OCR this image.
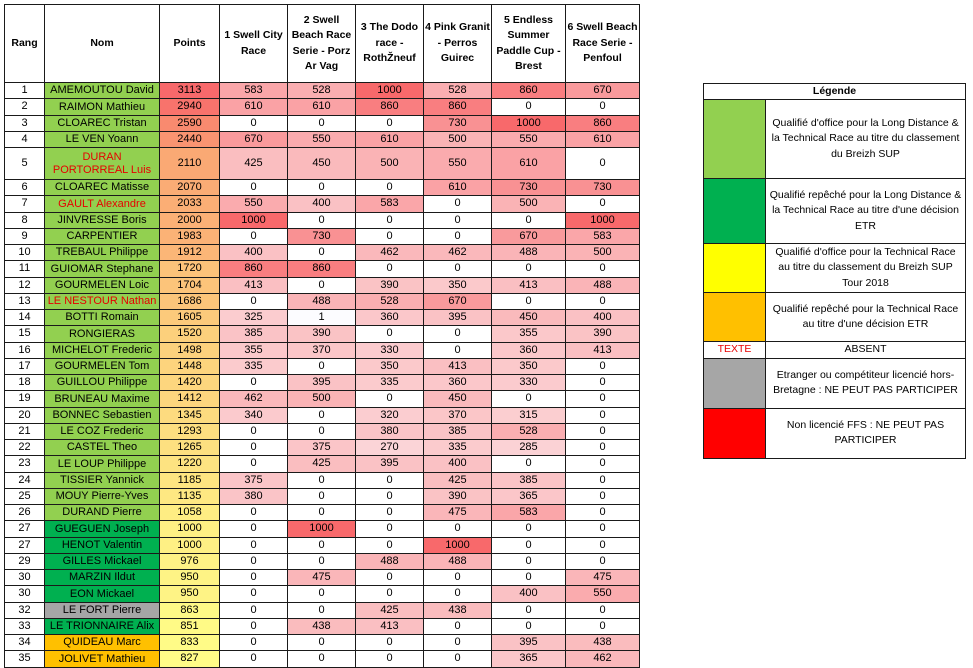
Rang	Nom	Points	1 Swell City Race	2 Swell Beach Race Serie - Porz Ar Vag	3 The Dodo race - RothŽneuf	4 Pink Granit - Perros Guirec	5 Endless Summer Paddle Cup - Brest	6 Swell Beach Race Serie - Penfoul
1	AMEMOUTOU David	3113	583	528	1000	528	860	670
2	RAIMON Mathieu	2940	610	610	860	860	0	0
3	CLOAREC Tristan	2590	0	0	0	730	1000	860
4	LE VEN Yoann	2440	670	550	610	500	550	610
5	DURAN PORTORREAL Luis	2110	425	450	500	550	610	0
6	CLOAREC Matisse	2070	0	0	0	610	730	730
7	GAULT Alexandre	2033	550	400	583	0	500	0
8	JINVRESSE Boris	2000	1000	0	0	0	0	1000
9	CARPENTIER	1983	0	730	0	0	670	583
10	TREBAUL Philippe	1912	400	0	462	462	488	500
11	GUIOMAR Stephane	1720	860	860	0	0	0	0
12	GOURMELEN Loic	1704	413	0	390	350	413	488
13	LE NESTOUR Nathan	1686	0	488	528	670	0	0
14	BOTTI Romain	1605	325	1	360	395	450	400
15	RONGIERAS	1520	385	390	0	0	355	390
16	MICHELOT Frederic	1498	355	370	330	0	360	413
17	GOURMELEN Tom	1448	335	0	350	413	350	0
18	GUILLOU Philippe	1420	0	395	335	360	330	0
19	BRUNEAU Maxime	1412	462	500	0	450	0	0
20	BONNEC Sebastien	1345	340	0	320	370	315	0
21	LE COZ Frederic	1293	0	0	380	385	528	0
22	CASTEL Theo	1265	0	375	270	335	285	0
23	LE LOUP Philippe	1220	0	425	395	400	0	0
24	TISSIER Yannick	1185	375	0	0	425	385	0
25	MOUY Pierre-Yves	1135	380	0	0	390	365	0
26	DURAND Pierre	1058	0	0	0	475	583	0
27	GUEGUEN Joseph	1000	0	1000	0	0	0	0
27	HENOT Valentin	1000	0	0	0	1000	0	0
29	GILLES Mickael	976	0	0	488	488	0	0
30	MARZIN Ildut	950	0	475	0	0	0	475
30	EON Mickael	950	0	0	0	0	400	550
32	LE FORT Pierre	863	0	0	425	438	0	0
33	LE TRIONNAIRE Alix	851	0	438	413	0	0	0
34	QUIDEAU Marc	833	0	0	0	0	395	438
35	JOLIVET Mathieu	827	0	0	0	0	365	462
Légende	
	Qualifié d'office pour la Long Distance & la Technical Race au titre du classement du Breizh SUP
	Qualifié repêché pour la Long Distance & la Technical Race au titre d'une décision ETR
	Qualifié d'office pour la Technical Race au titre du classement du Breizh SUP Tour 2018
	Qualifié repêché pour la Technical Race au titre d'une décision ETR
TEXTE	ABSENT
	Etranger ou compétiteur licencié hors-Bretagne : NE PEUT PAS PARTICIPER
	Non licencié FFS : NE PEUT PAS PARTICIPER
